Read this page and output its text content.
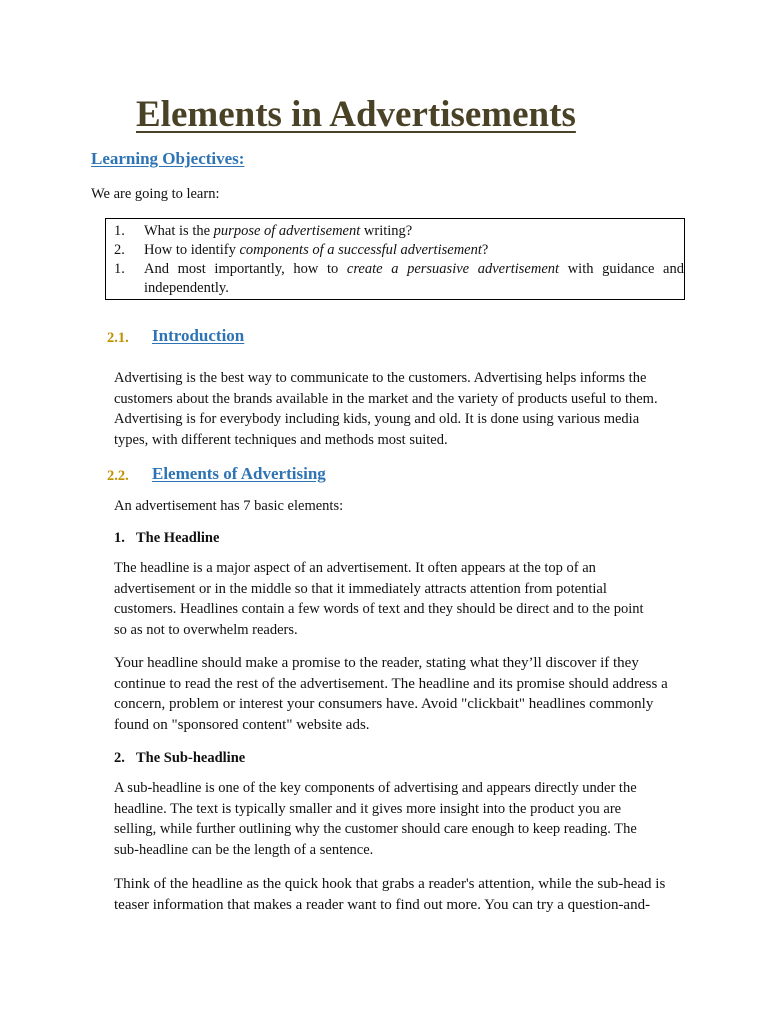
Elements in Advertisements
Learning Objectives:
We are going to learn:
1.	What is the purpose of advertisement writing?
2.	How to identify components of a successful advertisement?
1.	And most importantly, how to create a persuasive advertisement with guidance and independently.
2.1. Introduction

Advertising is the best way to communicate to the customers. Advertising helps informs the
customers about the brands available in the market and the variety of products useful to them.
Advertising is for everybody including kids, young and old. It is done using various media
types, with different techniques and methods most suited.

2.2. Elements of Advertising

An advertisement has 7 basic elements:

1. The Headline

The headline is a major aspect of an advertisement. It often appears at the top of an
advertisement or in the middle so that it immediately attracts attention from potential
customers. Headlines contain a few words of text and they should be direct and to the point
so as not to overwhelm readers.

Your headline should make a promise to the reader, stating what they’ll discover if they
continue to read the rest of the advertisement. The headline and its promise should address a
concern, problem or interest your consumers have. Avoid "clickbait" headlines commonly
found on "sponsored content" website ads.

2. The Sub-headline

A sub-headline is one of the key components of advertising and appears directly under the
headline. The text is typically smaller and it gives more insight into the product you are
selling, while further outlining why the customer should care enough to keep reading. The
sub-headline can be the length of a sentence.

Think of the headline as the quick hook that grabs a reader's attention, while the sub-head is
teaser information that makes a reader want to find out more. You can try a question-and-
